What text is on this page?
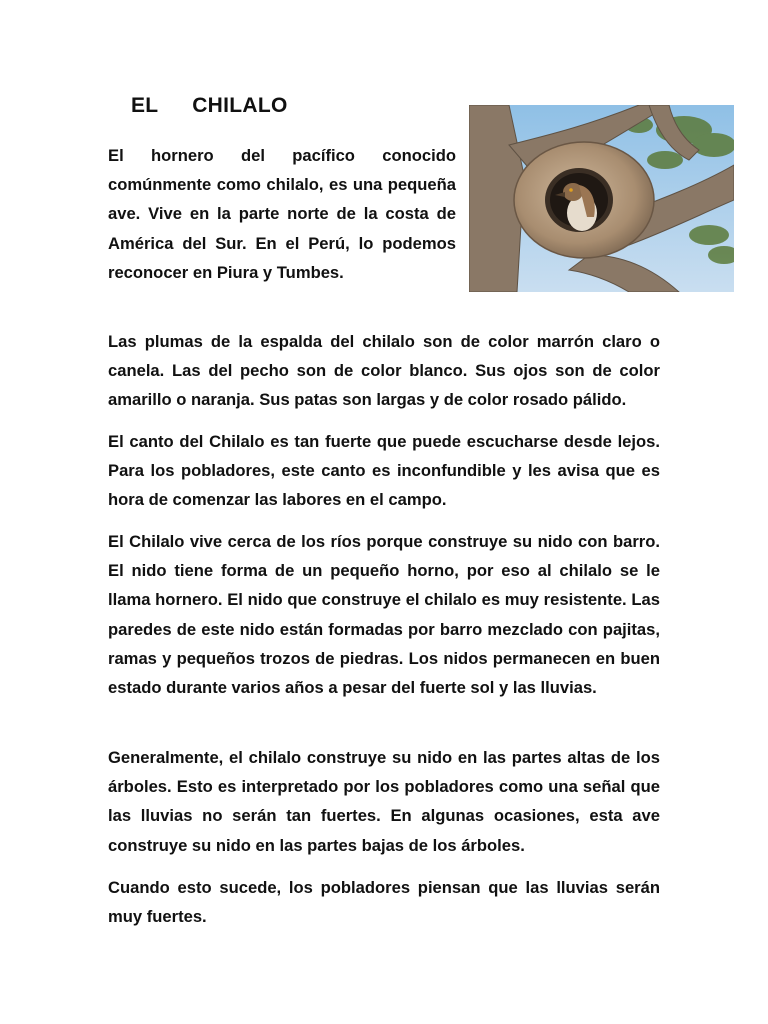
EL CHILALO

El hornero del pacífico conocido comúnmente como chilalo, es una pequeña ave. Vive en la parte norte de la costa de América del Sur. En el Perú, lo podemos reconocer en Piura y Tumbes.

Las plumas de la espalda del chilalo son de color marrón claro o canela. Las del pecho son de color blanco. Sus ojos son de color amarillo o naranja. Sus patas son largas y de color rosado pálido.

El canto del Chilalo es tan fuerte que puede escucharse desde lejos. Para los pobladores, este canto es inconfundible y les avisa que es hora de comenzar las labores en el campo.

El Chilalo vive cerca de los ríos porque construye su nido con barro. El nido tiene forma de un pequeño horno, por eso al chilalo se le llama hornero. El nido que construye el chilalo es muy resistente. Las paredes de este nido están formadas por barro mezclado con pajitas, ramas y pequeños trozos de piedras. Los nidos permanecen en buen estado durante varios años a pesar del fuerte sol y las lluvias.

Generalmente, el chilalo construye su nido en las partes altas de los árboles. Esto es interpretado por los pobladores como una señal que las lluvias no serán tan fuertes. En algunas ocasiones, esta ave construye su nido en las partes bajas de los árboles.

Cuando esto sucede, los pobladores piensan que las lluvias serán muy fuertes.
